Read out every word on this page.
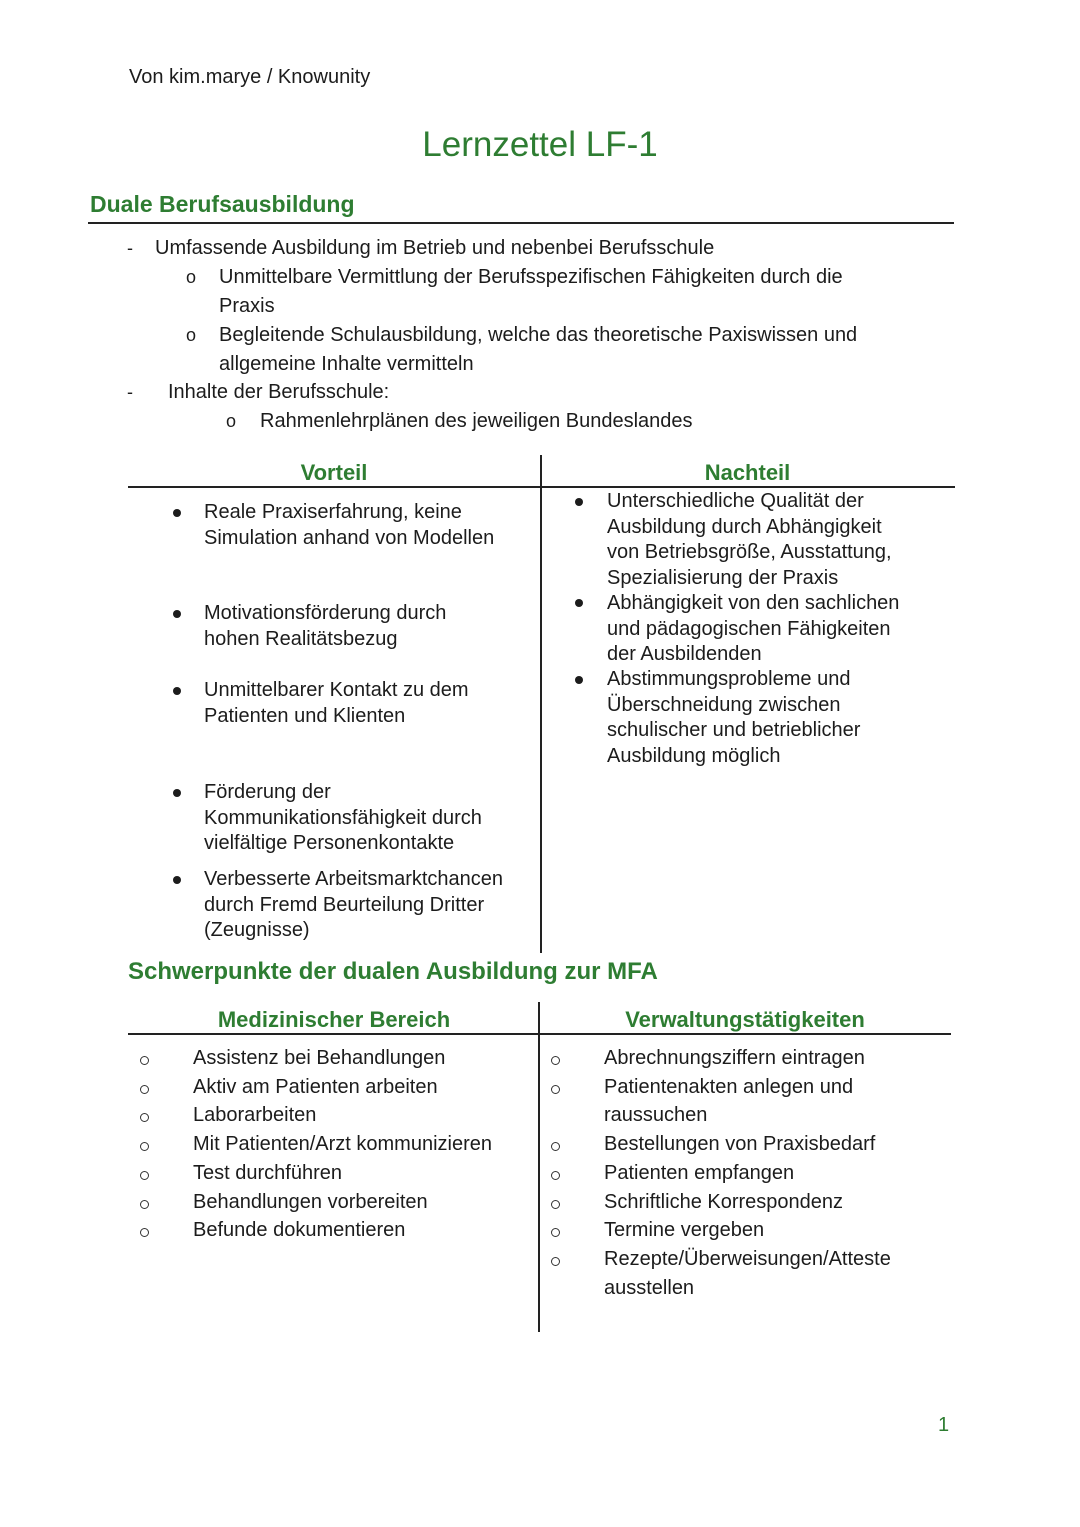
Von kim.marye / Knowunity
Lernzettel LF-1
Duale Berufsausbildung
- Umfassende Ausbildung im Betrieb und nebenbei Berufsschule
o Unmittelbare Vermittlung der Berufsspezifischen Fähigkeiten durch die
Praxis
o Begleitende Schulausbildung, welche das theoretische Paxiswissen und
allgemeine Inhalte vermitteln
- Inhalte der Berufsschule:
o Rahmenlehrplänen des jeweiligen Bundeslandes
Vorteil	Nachteil
Reale Praxiserfahrung, keine
Simulation anhand von Modellen
Motivationsförderung durch
hohen Realitätsbezug
Unmittelbarer Kontakt zu dem
Patienten und Klienten
Förderung der
Kommunikationsfähigkeit durch
vielfältige Personenkontakte
Verbesserte Arbeitsmarktchancen
durch Fremd Beurteilung Dritter
(Zeugnisse)
Unterschiedliche Qualität der
Ausbildung durch Abhängigkeit
von Betriebsgröße, Ausstattung,
Spezialisierung der Praxis
Abhängigkeit von den sachlichen
und pädagogischen Fähigkeiten
der Ausbildenden
Abstimmungsprobleme und
Überschneidung zwischen
schulischer und betrieblicher
Ausbildung möglich
Schwerpunkte der dualen Ausbildung zur MFA
Medizinischer Bereich	Verwaltungstätigkeiten
Assistenz bei Behandlungen
Aktiv am Patienten arbeiten
Laborarbeiten
Mit Patienten/Arzt kommunizieren
Test durchführen
Behandlungen vorbereiten
Befunde dokumentieren
Abrechnungsziffern eintragen
Patientenakten anlegen und
raussuchen
Bestellungen von Praxisbedarf
Patienten empfangen
Schriftliche Korrespondenz
Termine vergeben
Rezepte/Überweisungen/Atteste
ausstellen
1
